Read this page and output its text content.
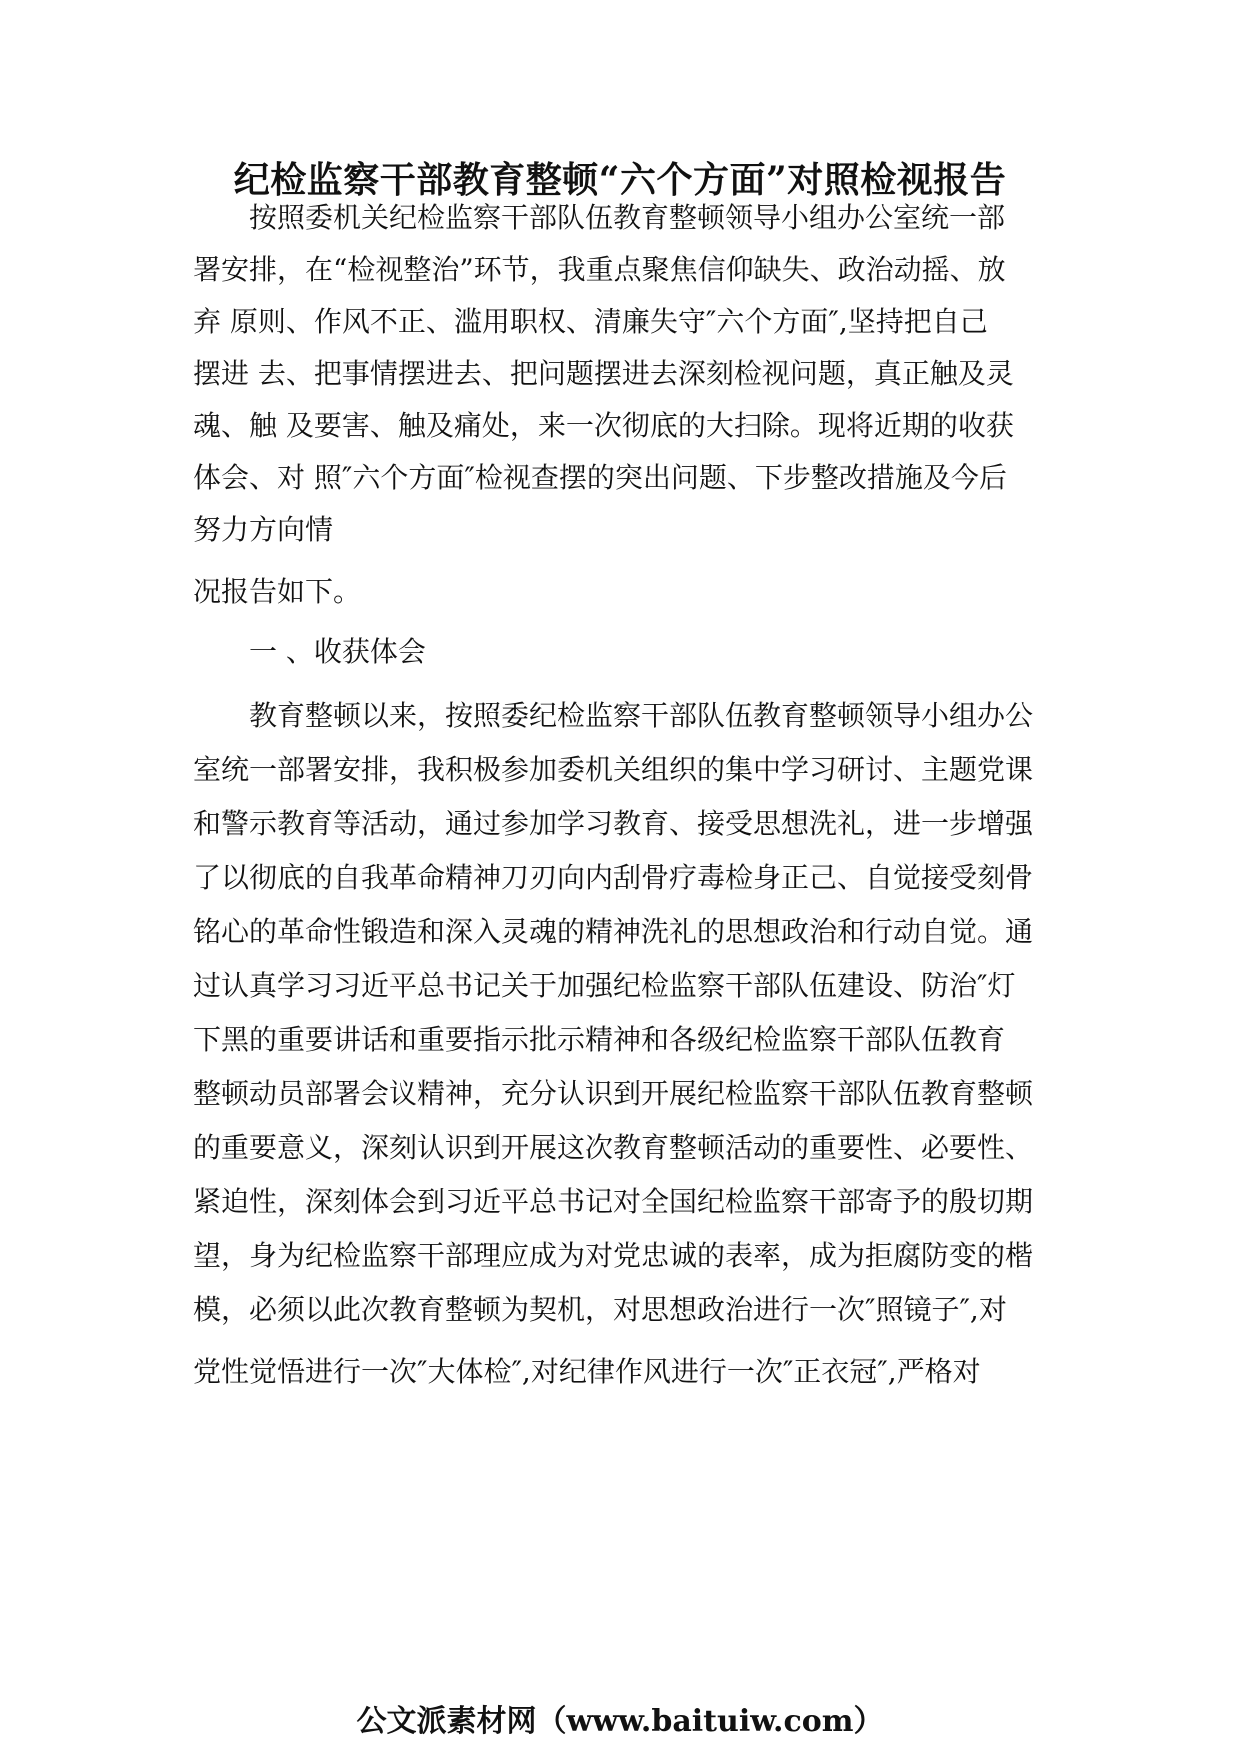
纪检监察干部教育整顿“六个方面”对照检视报告
　　按照委机关纪检监察干部队伍教育整顿领导小组办公室统一部
署安排，在“检视整治”环节，我重点聚焦信仰缺失、政治动摇、放
弃 原则、作风不正、滥用职权、清廉失守″六个方面″,坚持把自己
摆进 去、把事情摆进去、把问题摆进去深刻检视问题，真正触及灵
魂、触 及要害、触及痛处，来一次彻底的大扫除。现将近期的收获
体会、对 照″六个方面″检视查摆的突出问题、下步整改措施及今后
努力方向情
况报告如下。
　　一 、收获体会
　　教育整顿以来，按照委纪检监察干部队伍教育整顿领导小组办公
室统一部署安排，我积极参加委机关组织的集中学习研讨、主题党课
和警示教育等活动，通过参加学习教育、接受思想洗礼，进一步增强
了以彻底的自我革命精神刀刃向内刮骨疗毒检身正己、自觉接受刻骨
铭心的革命性锻造和深入灵魂的精神洗礼的思想政治和行动自觉。通
过认真学习习近平总书记关于加强纪检监察干部队伍建设、防治″灯
下黑的重要讲话和重要指示批示精神和各级纪检监察干部队伍教育
整顿动员部署会议精神，充分认识到开展纪检监察干部队伍教育整顿
的重要意义，深刻认识到开展这次教育整顿活动的重要性、必要性、
紧迫性，深刻体会到习近平总书记对全国纪检监察干部寄予的殷切期
望，身为纪检监察干部理应成为对党忠诚的表率，成为拒腐防变的楷
模，必须以此次教育整顿为契机，对思想政治进行一次″照镜子″,对
党性觉悟进行一次″大体检″,对纪律作风进行一次″正衣冠″,严格对
公文派素材网（www.baituiw.com）
